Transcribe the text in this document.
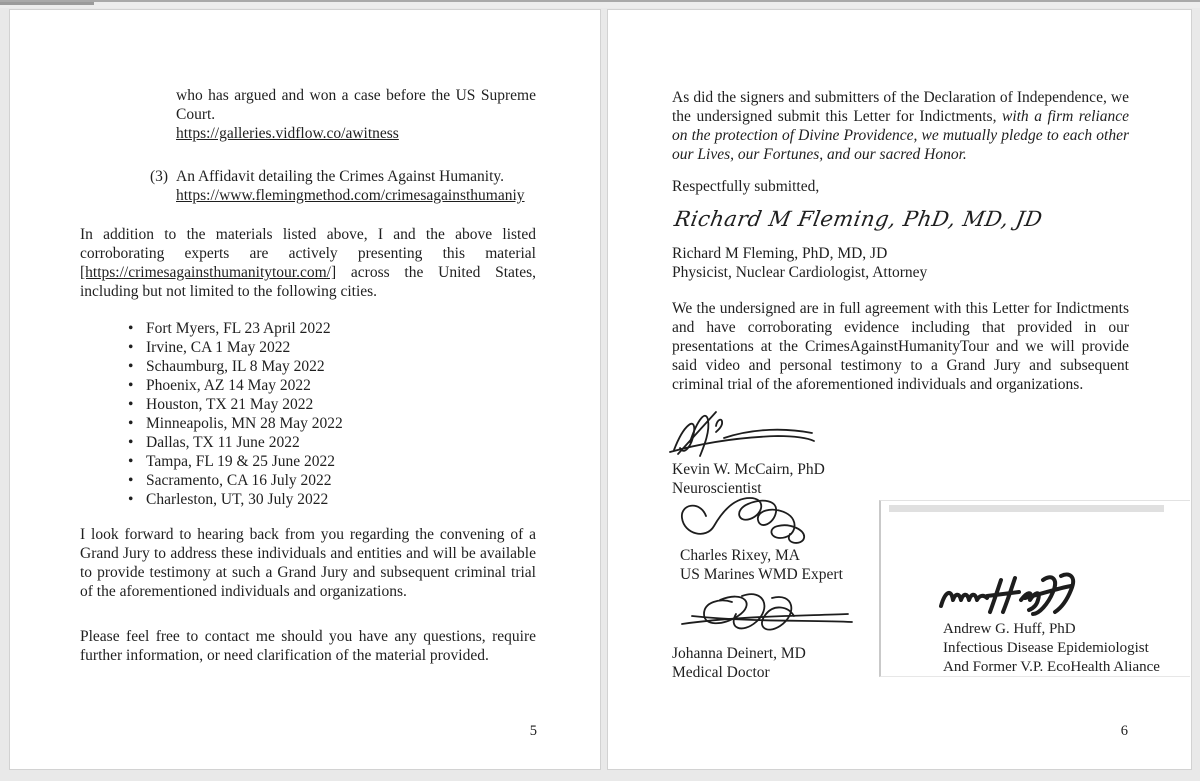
who has argued and won a case before the US Supreme Court.
https://galleries.vidflow.co/awitness
(3) An Affidavit detailing the Crimes Against Humanity.
https://www.flemingmethod.com/crimesagainsthumaniy
In addition to the materials listed above, I and the above listed corroborating experts are actively presenting this material [https://crimesagainsthumanitytour.com/] across the United States, including but not limited to the following cities.
• Fort Myers, FL 23 April 2022
• Irvine, CA 1 May 2022
• Schaumburg, IL 8 May 2022
• Phoenix, AZ 14 May 2022
• Houston, TX 21 May 2022
• Minneapolis, MN 28 May 2022
• Dallas, TX 11 June 2022
• Tampa, FL 19 & 25 June 2022
• Sacramento, CA 16 July 2022
• Charleston, UT, 30 July 2022
I look forward to hearing back from you regarding the convening of a Grand Jury to address these individuals and entities and will be available to provide testimony at such a Grand Jury and subsequent criminal trial of the aforementioned individuals and organizations.
Please feel free to contact me should you have any questions, require further information, or need clarification of the material provided.
5
As did the signers and submitters of the Declaration of Independence, we the undersigned submit this Letter for Indictments, with a firm reliance on the protection of Divine Providence, we mutually pledge to each other our Lives, our Fortunes, and our sacred Honor.
Respectfully submitted,
Richard M Fleming, PhD, MD, JD
Richard M Fleming, PhD, MD, JD
Physicist, Nuclear Cardiologist, Attorney
We the undersigned are in full agreement with this Letter for Indictments and have corroborating evidence including that provided in our presentations at the CrimesAgainstHumanityTour and we will provide said video and personal testimony to a Grand Jury and subsequent criminal trial of the aforementioned individuals and organizations.
Kevin W. McCairn, PhD
Neuroscientist
Charles Rixey, MA
US Marines WMD Expert
Johanna Deinert, MD
Medical Doctor
Andrew G. Huff, PhD
Infectious Disease Epidemiologist
And Former V.P. EcoHealth Aliance
6
